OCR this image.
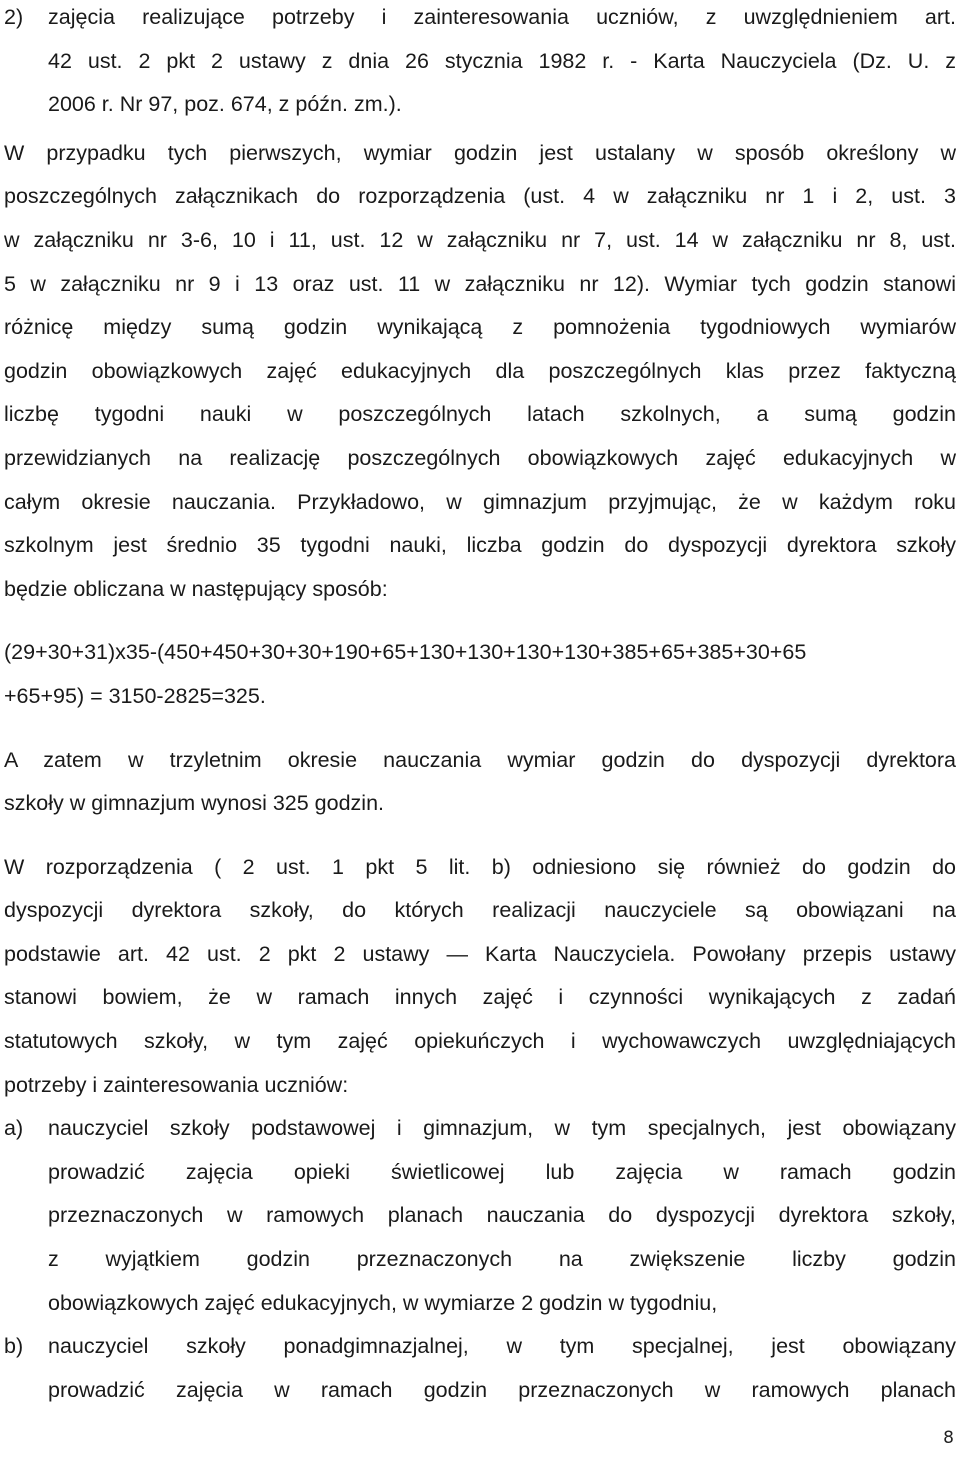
2) zajęcia realizujące potrzeby i zainteresowania uczniów, z uwzględnieniem art.
42 ust. 2 pkt 2 ustawy z dnia 26 stycznia 1982 r. - Karta Nauczyciela (Dz. U. z
2006 r. Nr 97, poz. 674, z późn. zm.).
W przypadku tych pierwszych, wymiar godzin jest ustalany w sposób określony w
poszczególnych załącznikach do rozporządzenia (ust. 4 w załączniku nr 1 i 2, ust. 3
w załączniku nr 3-6, 10 i 11, ust. 12 w załączniku nr 7, ust. 14 w załączniku nr 8, ust.
5 w załączniku nr 9 i 13 oraz ust. 11 w załączniku nr 12). Wymiar tych godzin stanowi
różnicę między sumą godzin wynikającą z pomnożenia tygodniowych wymiarów
godzin obowiązkowych zajęć edukacyjnych dla poszczególnych klas przez faktyczną
liczbę tygodni nauki w poszczególnych latach szkolnych, a sumą godzin
przewidzianych na realizację poszczególnych obowiązkowych zajęć edukacyjnych w
całym okresie nauczania. Przykładowo, w gimnazjum przyjmując, że w każdym roku
szkolnym jest średnio 35 tygodni nauki, liczba godzin do dyspozycji dyrektora szkoły
będzie obliczana w następujący sposób:
(29+30+31)x35-(450+450+30+30+190+65+130+130+130+130+385+65+385+30+65
+65+95) = 3150-2825=325.
A zatem w trzyletnim okresie nauczania wymiar godzin do dyspozycji dyrektora
szkoły w gimnazjum wynosi 325 godzin.
W rozporządzenia ( 2 ust. 1 pkt 5 lit. b) odniesiono się również do godzin do
dyspozycji dyrektora szkoły, do których realizacji nauczyciele są obowiązani na
podstawie art. 42 ust. 2 pkt 2 ustawy — Karta Nauczyciela. Powołany przepis ustawy
stanowi bowiem, że w ramach innych zajęć i czynności wynikających z zadań
statutowych szkoły, w tym zajęć opiekuńczych i wychowawczych uwzględniających
potrzeby i zainteresowania uczniów:
a) nauczyciel szkoły podstawowej i gimnazjum, w tym specjalnych, jest obowiązany
prowadzić zajęcia opieki świetlicowej lub zajęcia w ramach godzin
przeznaczonych w ramowych planach nauczania do dyspozycji dyrektora szkoły,
z wyjątkiem godzin przeznaczonych na zwiększenie liczby godzin
obowiązkowych zajęć edukacyjnych, w wymiarze 2 godzin w tygodniu,
b) nauczyciel szkoły ponadgimnazjalnej, w tym specjalnej, jest obowiązany
prowadzić zajęcia w ramach godzin przeznaczonych w ramowych planach
8
